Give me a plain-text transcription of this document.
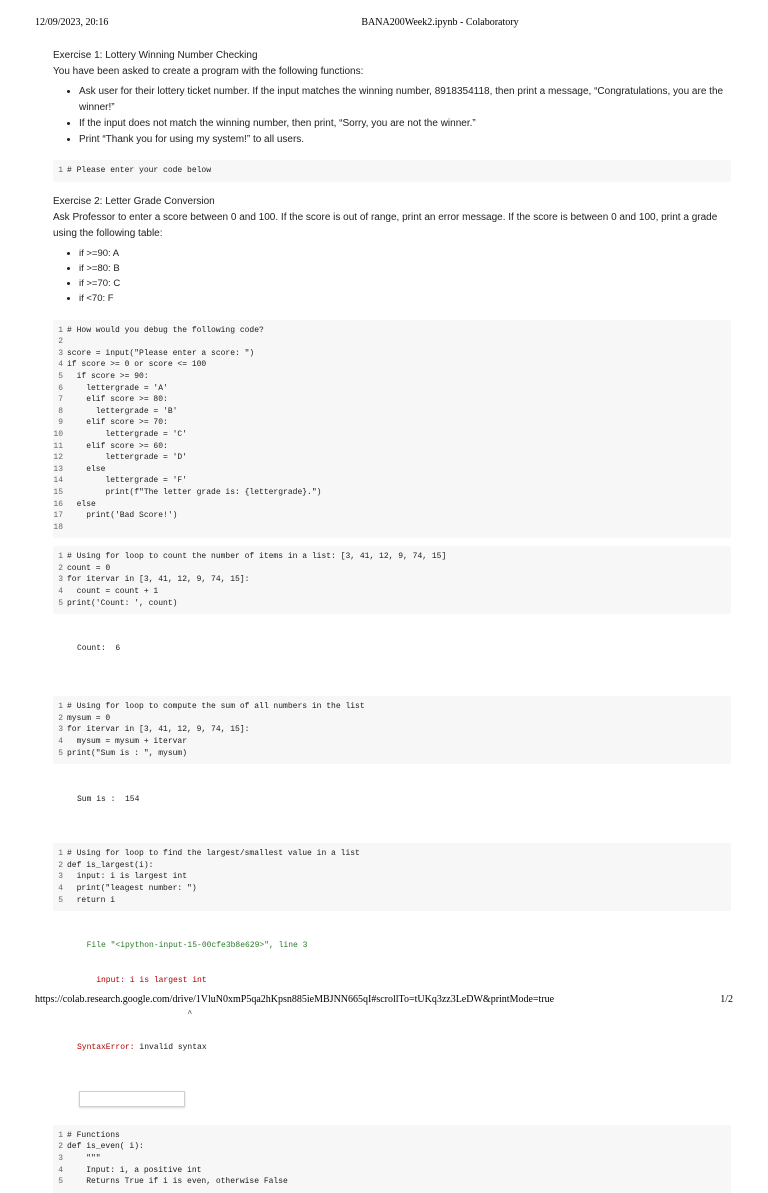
12/09/2023, 20:16	BANA200Week2.ipynb - Colaboratory

Exercise 1: Lottery Winning Number Checking

You have been asked to create a program with the following functions:

• Ask user for their lottery ticket number. If the input matches the winning number, 8918354118, then print a message, “Congratulations, you are the winner!”
• If the input does not match the winning number, then print, “Sorry, you are not the winner.”
• Print “Thank you for using my system!” to all users.
1 # Please enter your code below

Exercise 2: Letter Grade Conversion

Ask Professor to enter a score between 0 and 100. If the score is out of range, print an error message. If the score is between 0 and 100, print a grade using the following table:

• if >=90: A
• if >=80: B
• if >=70: C
• if <70: F
1 # How would you debug the following code?
2
3 score = input("Please enter a score: ")
4 if score >= 0 or score <= 100
5 if score >= 90:
6 lettergrade = 'A'
7 elif score >= 80:
8 lettergrade = 'B'
9 elif score >= 70:
10 lettergrade = 'C'
11 elif score >= 60:
12 lettergrade = 'D'
13 else
14 lettergrade = 'F'
15 print(f"The letter grade is: {lettergrade}.")
16 else
17 print('Bad Score!')
18
1 # Using for loop to count the number of items in a list: [3, 41, 12, 9, 74, 15]
2 count = 0
3 for itervar in [3, 41, 12, 9, 74, 15]:
4 count = count + 1
5 print('Count: ', count)

Count:  6

1 # Using for loop to compute the sum of all numbers in the list
2 mysum = 0
3 for itervar in [3, 41, 12, 9, 74, 15]:
4 mysum = mysum + itervar
5 print("Sum is : ", mysum)

Sum is :  154

1 # Using for loop to find the largest/smallest value in a list
2 def is_largest(i):
3 input: i is largest int
4 print("leagest number: ")
5 return i

File "<ipython-input-15-00cfe3b8e629>", line 3

input: i is largest int

^

SyntaxError: invalid syntax

1 # Functions
2 def is_even( i):
3 """
4 Input: i, a positive int
5 Returns True if i is even, otherwise False
https://colab.research.google.com/drive/1VluN0xmP5qa2hKpsn885ieMBJNN665qI#scrollTo=tUKq3zz3LeDW&printMode=true	1/2
